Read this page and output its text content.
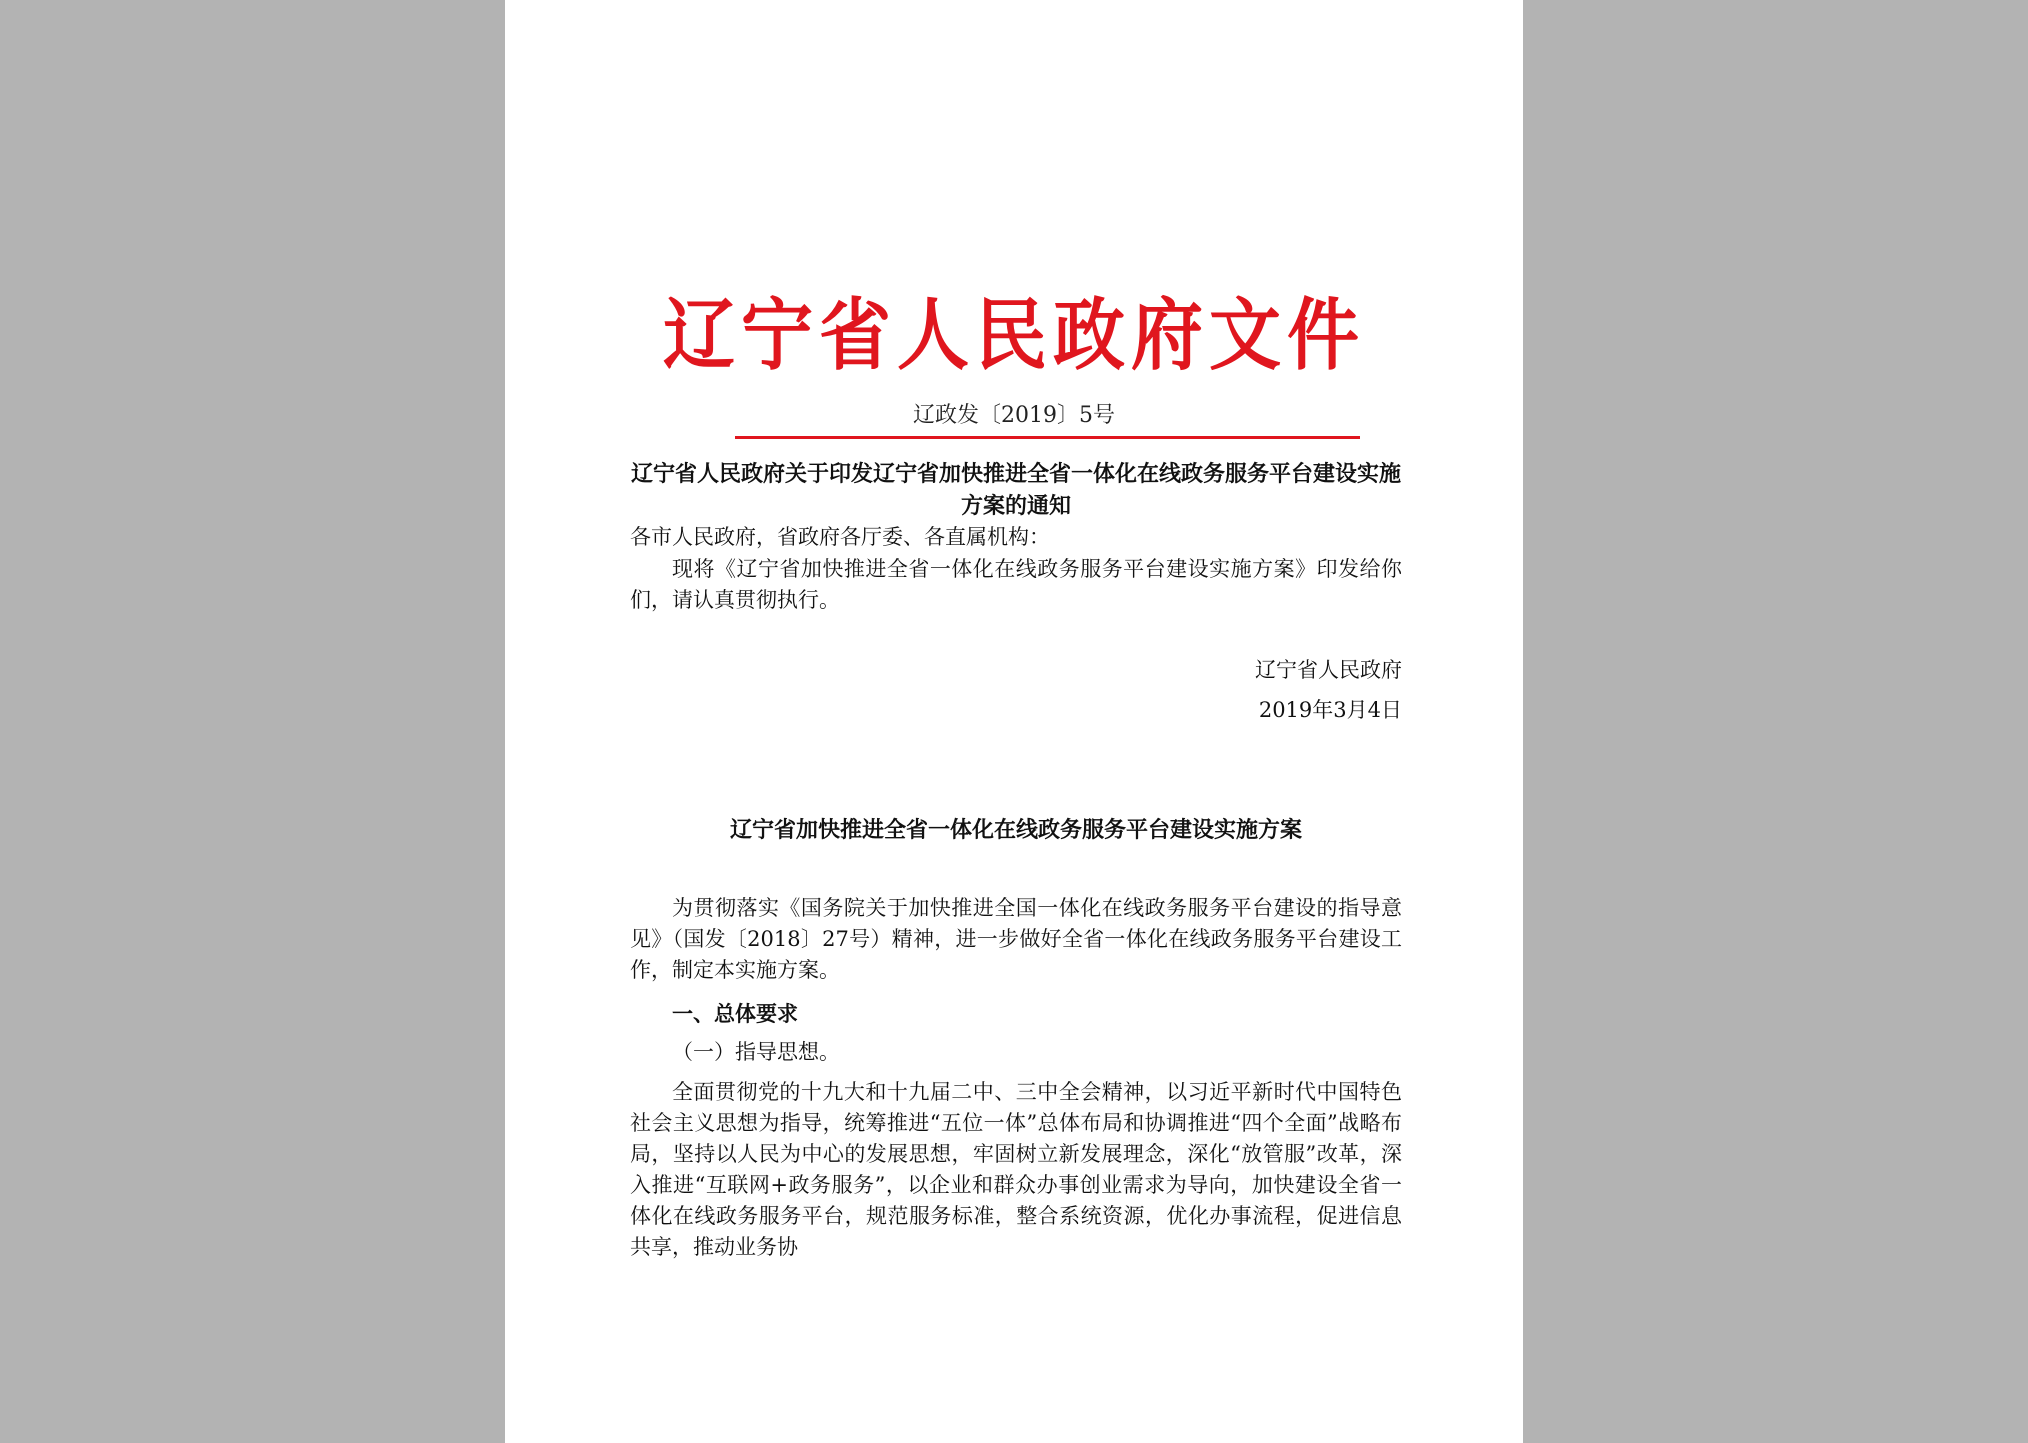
辽宁省人民政府文件
辽政发〔2019〕5号
辽宁省人民政府关于印发辽宁省加快推进全省一体化在线政务服务平台建设实施方案的通知
各市人民政府，省政府各厅委、各直属机构：
现将《辽宁省加快推进全省一体化在线政务服务平台建设实施方案》印发给你们，请认真贯彻执行。
辽宁省人民政府
2019年3月4日
辽宁省加快推进全省一体化在线政务服务平台建设实施方案
为贯彻落实《国务院关于加快推进全国一体化在线政务服务平台建设的指导意见》（国发〔2018〕27号）精神，进一步做好全省一体化在线政务服务平台建设工作，制定本实施方案。
一、总体要求
（一）指导思想。
全面贯彻党的十九大和十九届二中、三中全会精神，以习近平新时代中国特色社会主义思想为指导，统筹推进“五位一体”总体布局和协调推进“四个全面”战略布局，坚持以人民为中心的发展思想，牢固树立新发展理念，深化“放管服”改革，深入推进“互联网+政务服务”，以企业和群众办事创业需求为导向，加快建设全省一体化在线政务服务平台，规范服务标准，整合系统资源，优化办事流程，促进信息共享，推动业务协
